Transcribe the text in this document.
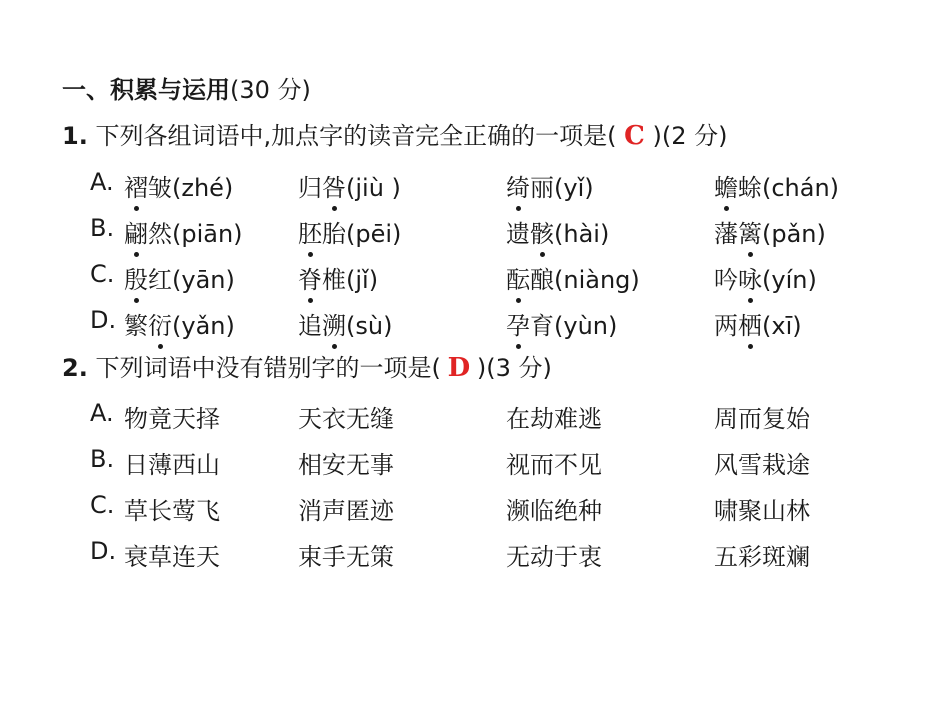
一、积累与运用(30 分)
1. 下列各组词语中,加点字的读音完全正确的一项是( C )(2 分)
A. 褶皱(zhé)	归咎(jiù )	绮丽(yǐ)	蟾蜍(chán)
B. 翩然(piān) 胚胎(pēi)	遗骸(hài)	藩篱(pǎn)
C. 殷红(yān)	脊椎(jǐ)	酝酿(niàng)	吟咏(yín)
D. 繁衍(yǎn)	追溯(sù)	孕育(yùn)	两栖(xī)
2. 下列词语中没有错别字的一项是( D )(3 分)
A. 物竟天择	天衣无缝	在劫难逃	周而复始
B. 日薄西山	相安无事	视而不见	风雪栽途
C. 草长莺飞	消声匿迹	濒临绝种	啸聚山林
D. 衰草连天	束手无策	无动于衷	五彩斑斓
